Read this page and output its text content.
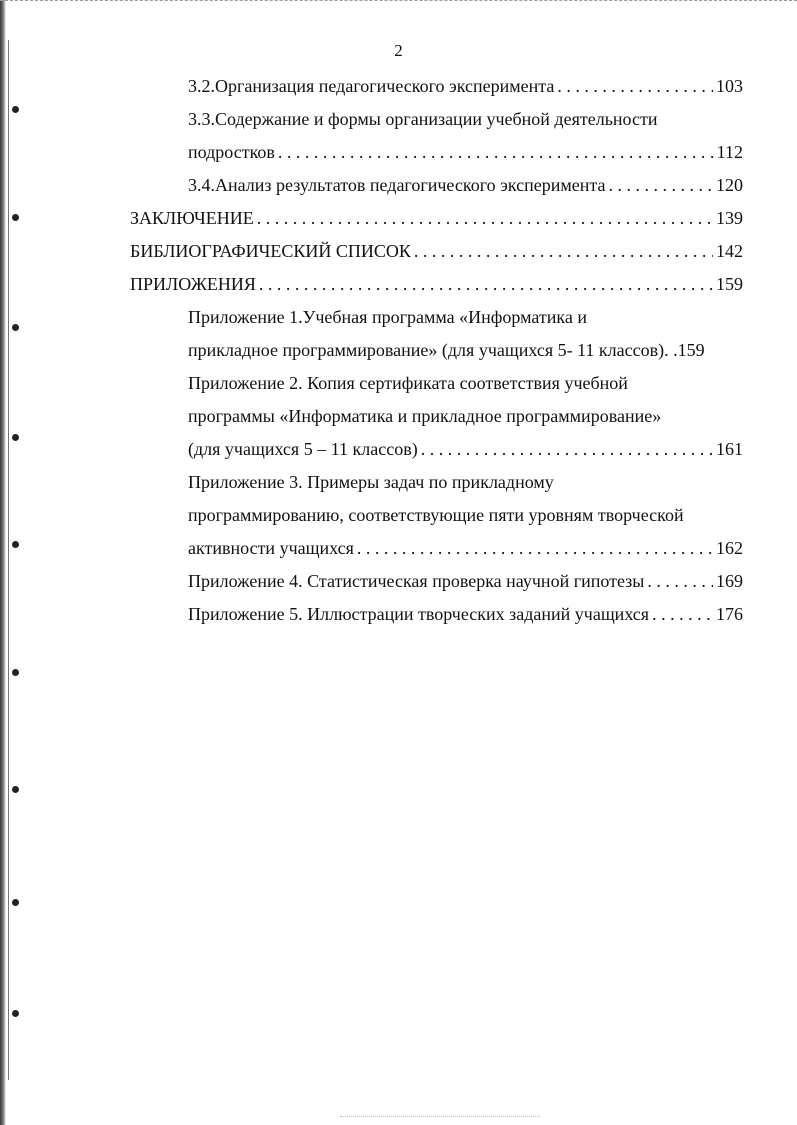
2
3.2.Организация педагогического эксперимента . . .	103
3.3.Содержание и формы организации учебной деятельности
подростков . . .	112
3.4.Анализ результатов педагогического эксперимента . . .	120
ЗАКЛЮЧЕНИЕ . . .	139
БИБЛИОГРАФИЧЕСКИЙ СПИСОК . . .	142
ПРИЛОЖЕНИЯ . . .	159
Приложение 1.Учебная программа «Информатика и
прикладное программирование» (для учащихся 5- 11 классов). . 159
Приложение 2. Копия сертификата соответствия учебной
программы «Информатика и прикладное программирование»
(для учащихся 5 – 11 классов) . . .	161
Приложение 3. Примеры задач по прикладному
программированию, соответствующие пяти уровням творческой
активности учащихся . . .	162
Приложение 4. Статистическая проверка научной гипотезы . . .	169
Приложение 5. Иллюстрации творческих заданий учащихся . . .	176
